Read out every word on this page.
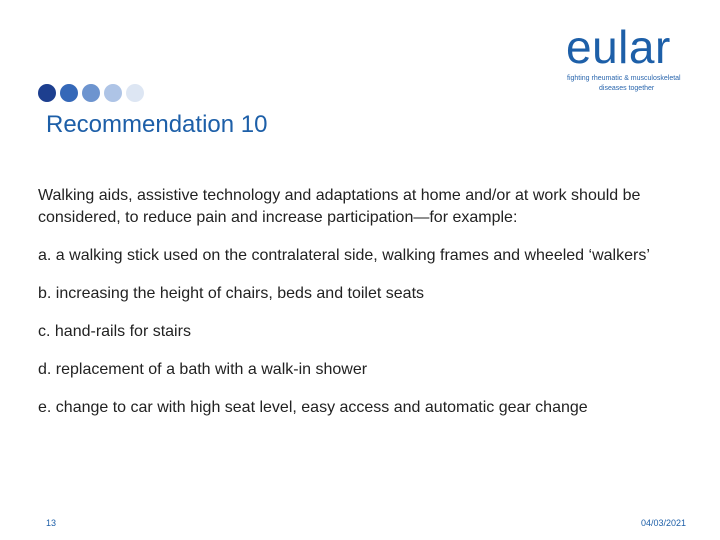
eular
fighting rheumatic & musculoskeletal
diseases together
Recommendation 10

Walking aids, assistive technology and adaptations at home and/or at work should be considered, to reduce pain and increase participation—for example:

a. a walking stick used on the contralateral side, walking frames and wheeled ‘walkers’

b. increasing the height of chairs, beds and toilet seats

c. hand-rails for stairs

d. replacement of a bath with a walk-in shower

e. change to car with high seat level, easy access and automatic gear change

13	04/03/2021
